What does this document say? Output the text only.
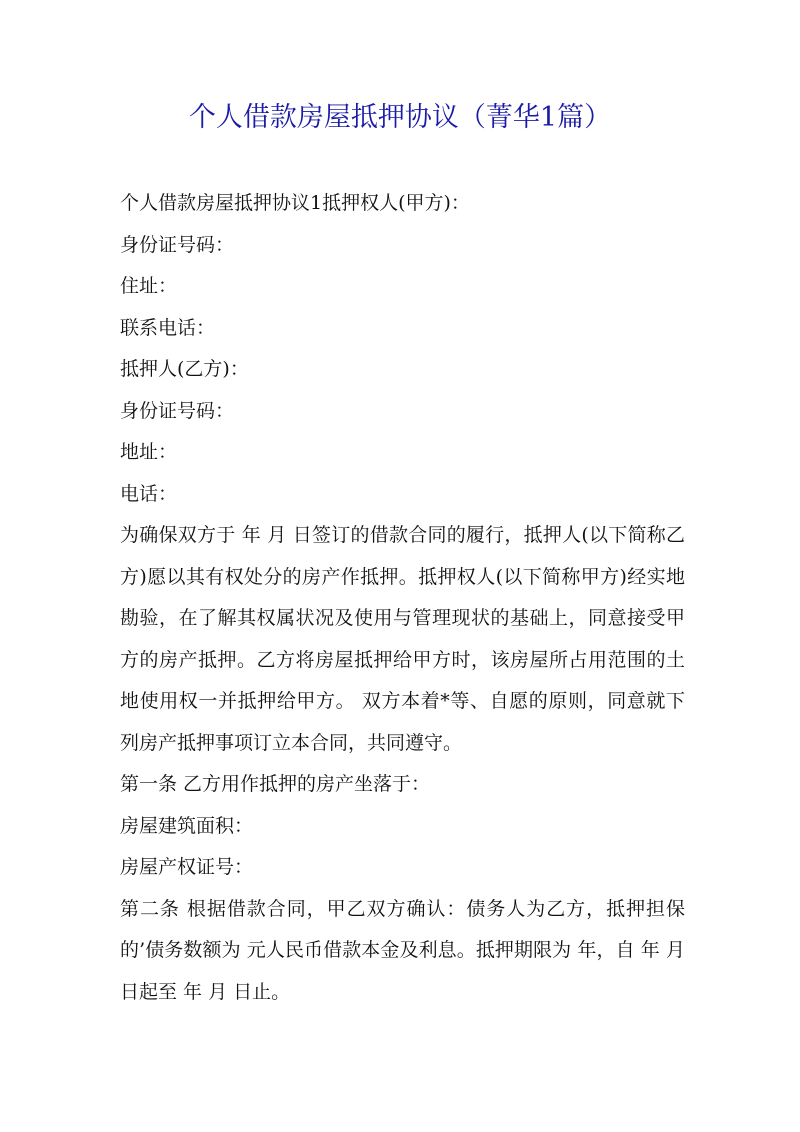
个人借款房屋抵押协议（菁华1篇）

个人借款房屋抵押协议1抵押权人(甲方)：

身份证号码：

住址：

联系电话：

抵押人(乙方)：

身份证号码：

地址：

电话：

为确保双方于 年 月 日签订的借款合同的履行，抵押人(以下简称乙方)愿以其有权处分的房产作抵押。抵押权人(以下简称甲方)经实地勘验，在了解其权属状况及使用与管理现状的基础上，同意接受甲方的房产抵押。乙方将房屋抵押给甲方时，该房屋所占用范围的土地使用权一并抵押给甲方。 双方本着*等、自愿的原则，同意就下列房产抵押事项订立本合同，共同遵守。

第一条 乙方用作抵押的房产坐落于：

房屋建筑面积：

房屋产权证号：

第二条 根据借款合同，甲乙双方确认：债务人为乙方，抵押担保的’债务数额为 元人民币借款本金及利息。抵押期限为 年，自 年 月 日起至 年 月 日止。
